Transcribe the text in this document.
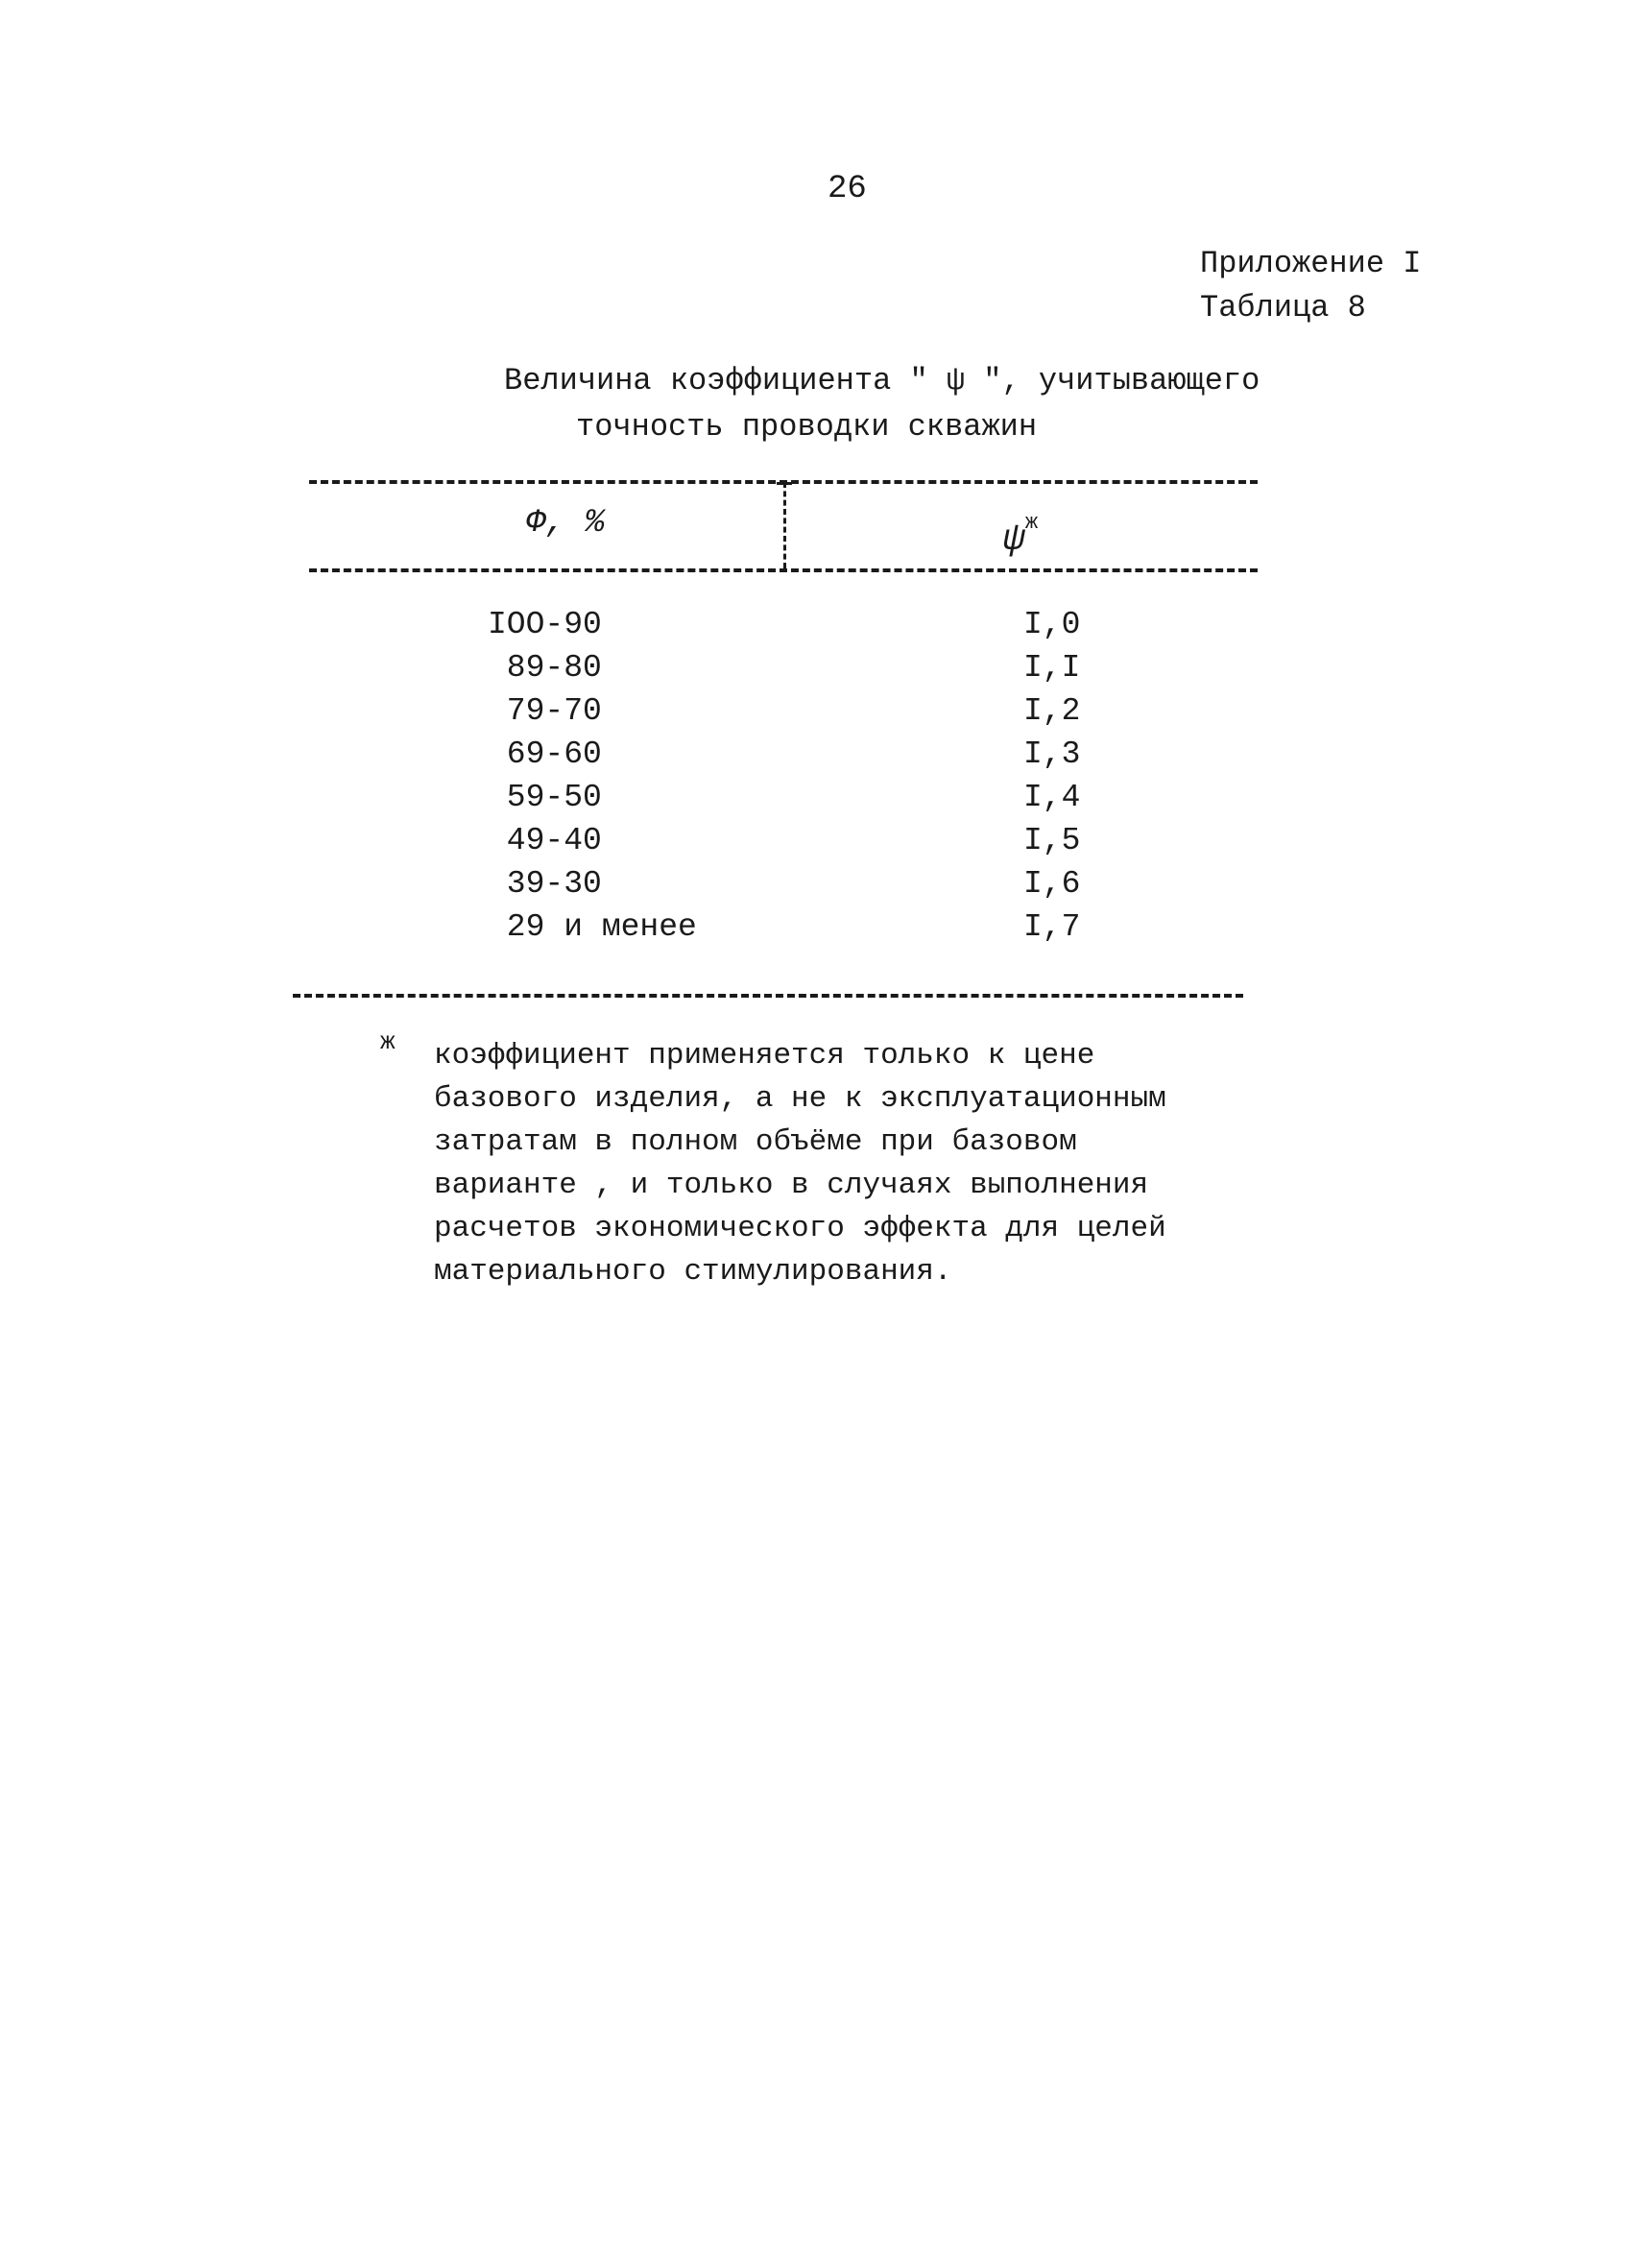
26
Приложение I
Таблица 8
Величина коэффициента " ψ ", учитывающего
точность проводки скважин
Ф, %	$\psi^ж$
IOO-90	I,0
89-80	I,I
79-70	I,2
69-60	I,3
59-50	I,4
49-40	I,5
39-30	I,6
29 и менее	I,7
ж коэффициент применяется только к цене
базового изделия, а не к эксплуатационным
затратам в полном объёме при базовом
варианте , и только в случаях выполнения
расчетов экономического эффекта для целей
материального стимулирования.
